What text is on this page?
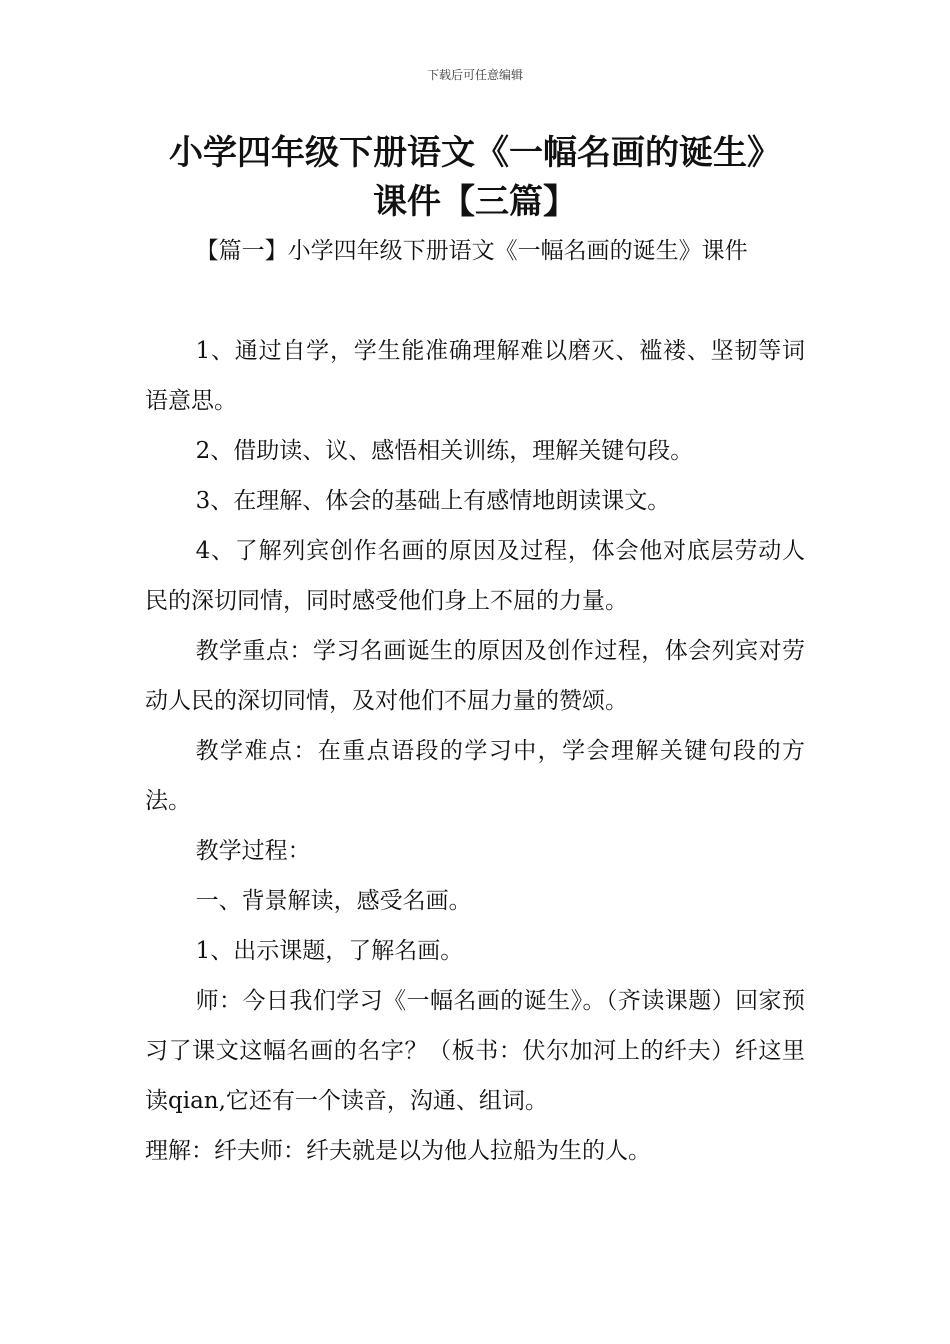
下载后可任意编辑
小学四年级下册语文《一幅名画的诞生》
课件【三篇】

【篇一】小学四年级下册语文《一幅名画的诞生》课件

1、通过自学，学生能准确理解难以磨灭、褴褛、坚韧等词语意思。

2、借助读、议、感悟相关训练，理解关键句段。

3、在理解、体会的基础上有感情地朗读课文。

4、了解列宾创作名画的原因及过程，体会他对底层劳动人民的深切同情，同时感受他们身上不屈的力量。

教学重点：学习名画诞生的原因及创作过程，体会列宾对劳动人民的深切同情，及对他们不屈力量的赞颂。

教学难点：在重点语段的学习中，学会理解关键句段的方法。

教学过程：

一、背景解读，感受名画。

1、出示课题，了解名画。

师：今日我们学习《一幅名画的诞生》。（齐读课题）回家预习了课文这幅名画的名字？（板书：伏尔加河上的纤夫）纤这里读qian,它还有一个读音，沟通、组词。

理解：纤夫师：纤夫就是以为他人拉船为生的人。
